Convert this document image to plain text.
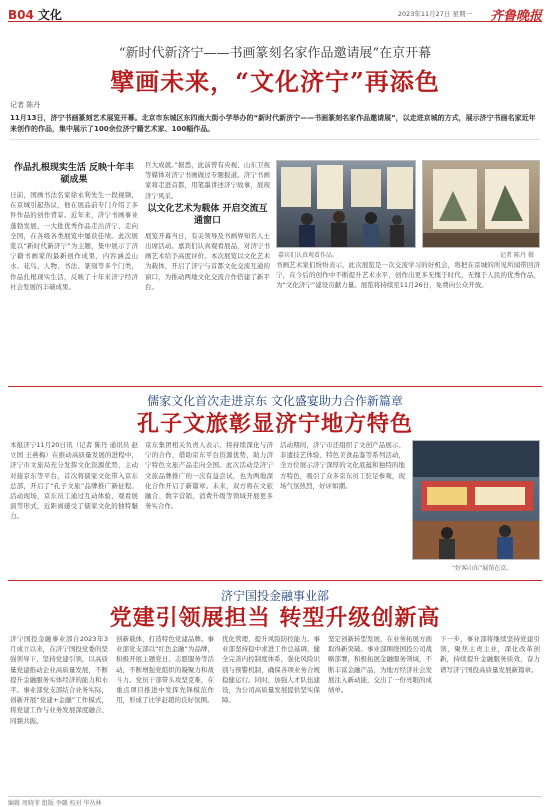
B04 文化	2023年11月27日 星期一 齐鲁晚报
“新时代新济宁——书画篆刻名家作品邀请展”在京开幕
擘画未来，“文化济宁”再添色
记者 陈丹
11月13日，济宁书画篆刻艺术展览开幕。北京市东城区东四南大街小学举办的“新时代新济宁——书画篆刻名家作品邀请展”，以走进京城的方式，展示济宁书画名家近年来创作的作品，集中展示了100余位济宁籍艺术家、100幅作品。
作品扎根现实生活 反映十年丰硕成果
日前，国画书法名家徐永利先生一段视频，在京城引起热议，他在展品前专门介绍了多件作品的创作背景。近年来，济宁书画事业蓬勃发展，一大批优秀作品走出济宁、走向全国，在各级各类展览中屡获佳绩。此次展览以“新时代新济宁”为主题，集中展示了济宁籍书画家的最新创作成果，内容涵盖山水、花鸟、人物、书法、篆刻等多个门类，作品扎根现实生活，反映了十年来济宁经济社会发展的丰硕成果。
巨大成就。”据悉，此前曾有央视、山东卫视等媒体对济宁书画做过专题报道。济宁书画家将走进首都，用笔墨讲述济宁故事，展现济宁风采。
以文化艺术为载体 开启交流互通窗口
展览开幕当日，有关领导及书画界知名人士出席活动。嘉宾们认真观看展品，对济宁书画艺术给予高度评价。本次展览以文化艺术为载体，开启了济宁与首都文化交流互通的窗口，为推动两地文化交流合作搭建了新平台。
嘉宾们认真观看作品。	记者 陈丹 摄
书画艺术家们纷纷表示，此次展览是一次交流学习的好机会，将把在京城的所见所闻带回济宁，在今后的创作中不断提升艺术水平，创作出更多无愧于时代、无愧于人民的优秀作品，为“文化济宁”建设贡献力量。展览将持续至11月26日，免费向公众开放。
儒家文化首次走进京东 文化盛宴助力合作新篇章
孔子文旅彰显济宁地方特色
本报济宁11月20日讯（记者 陈丹 通讯员 赵立国 王燕梅）在推动高质量发展的进程中，济宁市文旅局充分发挥文化资源优势，主动对接京东等平台，首次将儒家文化带入京东总部，开启了“孔子文旅”品牌推广新征程。活动现场，京东员工通过互动体验、观看展演等形式，近距离感受了儒家文化的独特魅力。
京东集团相关负责人表示，将持续深化与济宁的合作，借助京东平台资源优势，助力济宁特色文旅产品走向全国。此次活动是济宁文旅品牌推广的一次有益尝试，也为两地深化合作开启了新篇章。未来，双方将在文旅融合、数字营销、消费升级等领域开展更多务实合作。
活动期间，济宁市还组织了文创产品展示、非遗技艺体验、特色美食品鉴等系列活动，全方位展示济宁深厚的文化底蕴和独特的地方特色，吸引了众多京东员工驻足参观，现场气氛热烈，好评如潮。
“好客山东”展馆在京。
济宁国投金融事业部
党建引领展担当 转型升级创新高
济宁国投金融事业部自2023年3月成立以来，在济宁国投党委的坚强领导下，坚持党建引领，以高质量党建推动企业高质量发展，不断提升金融服务实体经济的能力和水平。事业部党支部结合业务实际，创新开展“党建+金融”工作模式，将党建工作与业务发展深度融合、同频共振。
创新载体，打造特色党建品牌。事业部党支部以“红色金融”为品牌，积极开展主题党日、志愿服务等活动，不断增强党组织的凝聚力和战斗力。党员干部带头攻坚克难，在重点项目推进中发挥先锋模范作用，形成了比学赶超的良好氛围。
优化管理，提升风险防控能力。事业部坚持稳中求进工作总基调，健全完善内控制度体系，强化风险识别与预警机制，确保各项业务合规稳健运行。同时，加强人才队伍建设，为公司高质量发展提供坚实保障。
坚定创新转型发展，在业务拓展方面取得新突破。事业部围绕国投公司战略部署，积极拓展金融服务领域，不断丰富金融产品，为地方经济社会发展注入新动能，交出了一份亮眼的成绩单。
下一步，事业部将继续坚持党建引领，聚焦主责主业，深化改革创新，持续提升金融服务质效，奋力谱写济宁国投高质量发展新篇章。
编辑 周晓菲 组版 李璐 校对 毕丛林
